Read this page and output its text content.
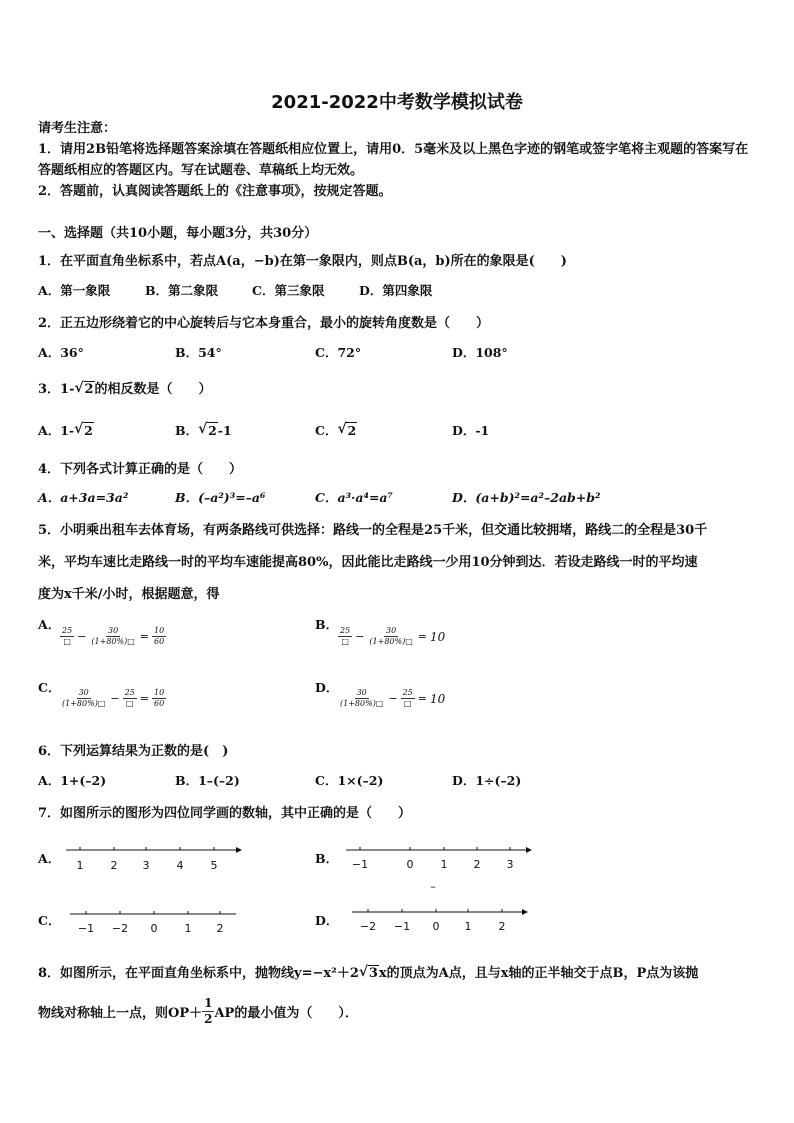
2021-2022中考数学模拟试卷
请考生注意：
1．请用2B铅笔将选择题答案涂填在答题纸相应位置上，请用0．5毫米及以上黑色字迹的钢笔或签字笔将主观题的答案写在答题纸相应的答题区内。写在试题卷、草稿纸上均无效。
2．答题前，认真阅读答题纸上的《注意事项》，按规定答题。
一、选择题（共10小题，每小题3分，共30分）
1．在平面直角坐标系中，若点A(a，−b)在第一象限内，则点B(a，b)所在的象限是(　　)
A．第一象限	B．第二象限	C．第三象限	D．第四象限
2．正五边形绕着它的中心旋转后与它本身重合，最小的旋转角度数是（　　）
A．36°	B．54°	C．72°	D．108°
3．1- √ 2的相反数是（　　）
A．1- √ 2	B． √ 2-1	C． √ 2	D．-1
4．下列各式计算正确的是（　　）
A．a+3a=3a²	B．(–a²)³=–a⁶	C．a³·a⁴=a⁷	D．(a+b)²=a²–2ab+b²
5．小明乘出租车去体育场，有两条路线可供选择：路线一的全程是25千米，但交通比较拥堵，路线二的全程是30千
米，平均车速比走路线一时的平均车速能提高80%，因此能比走路线一少用10分钟到达．若设走路线一时的平均速
度为x千米/小时，根据题意，得
A．
$\frac{25}{□} - \frac{30}{(1+80\%)□} = \frac{10}{60}$
B．
$\frac{25}{□} - \frac{30}{(1+80\%)□} = 10$
C．
$\frac{30}{(1+80\%)□} - \frac{25}{□} = \frac{10}{60}$
D．
$\frac{30}{(1+80\%)□} - \frac{25}{□} = 10$
6．下列运算结果为正数的是(　)
A．1+(–2)	B．1–(–2)	C．1×(–2)	D．1÷(–2)
7．如图所示的图形为四位同学画的数轴，其中正确的是（　　）
A． 1 2 3 4 5	B． −1	0 1 2 3
–
C．
−1 −2 0 1 2
D． −2 −1 0 1 2
8．如图所示，在平面直角坐标系中，抛物线y=−x²＋2 √ 3x的顶点为A点，且与x轴的正半轴交于点B，P点为该抛
物线对称轴上一点，则$OP+ \frac{1}{2}$ AP的最小值为（　　）．
